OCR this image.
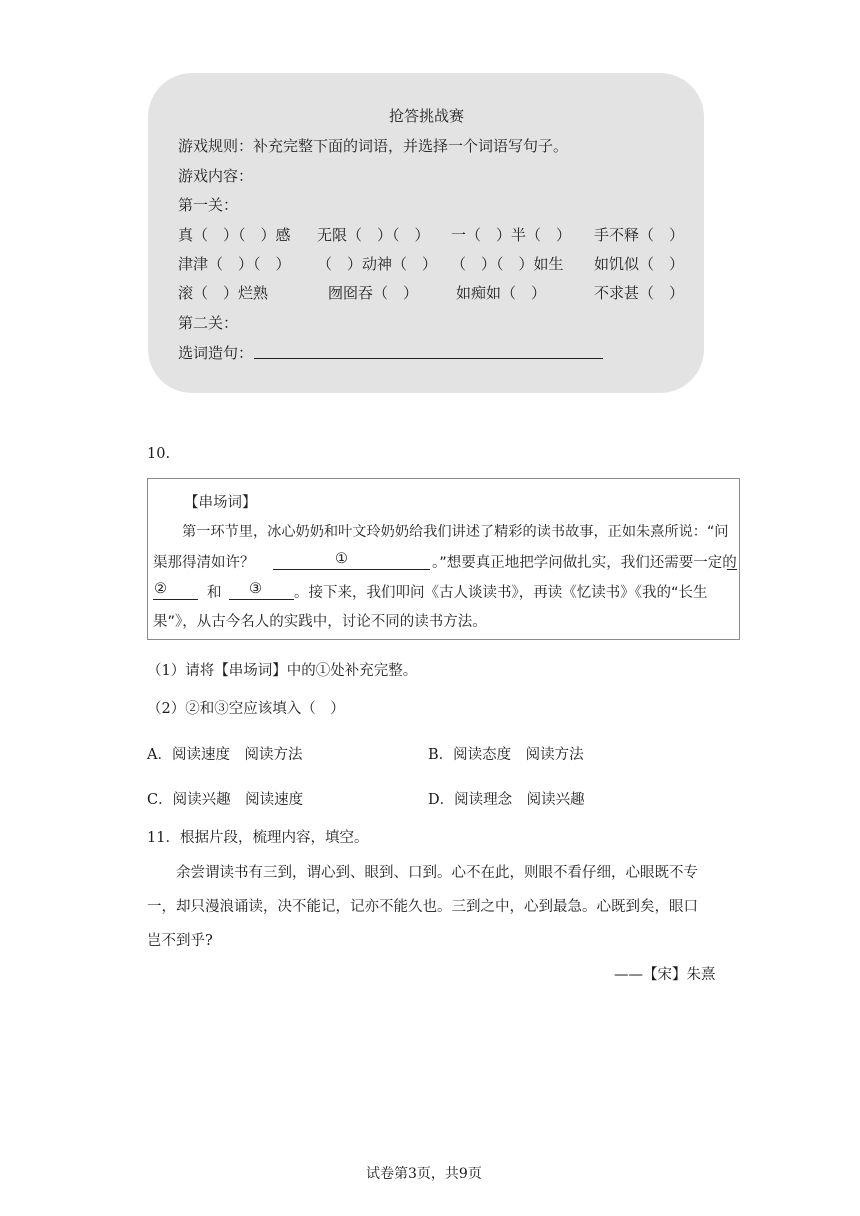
抢答挑战赛
游戏规则：补充完整下面的词语，并选择一个词语写句子。
游戏内容：
第一关：
真（　）（　）感 无限（　）（　） 一（　）半（　） 手不释（　）
津津（　）（　） （　）动神（　） （　）（　）如生 如饥似（　）
滚（　）烂熟	囫囵吞（　）	如痴如（　）	不求甚（　）
第二关：
选词造句：
10.
【串场词】
第一环节里，冰心奶奶和叶文玲奶奶给我们讲述了精彩的读书故事，正如朱熹所说：“问
渠那得清如许？	①	。”想要真正地把学问做扎实，我们还需要一定的
②	和 ③ 。接下来，我们叩问《古人谈读书》，再读《忆读书》《我的“长生
果”》，从古今名人的实践中，讨论不同的读书方法。
（1）请将【串场词】中的①处补充完整。
（2）②和③空应该填入（　）
A．阅读速度　阅读方法	B．阅读态度　阅读方法
C．阅读兴趣　阅读速度	D．阅读理念　阅读兴趣
11．根据片段，梳理内容，填空。
余尝谓读书有三到，谓心到、眼到、口到。心不在此，则眼不看仔细，心眼既不专
一，却只漫浪诵读，决不能记，记亦不能久也。三到之中，心到最急。心既到矣，眼口
岂不到乎?
——【宋】朱熹
试卷第3页，共9页
